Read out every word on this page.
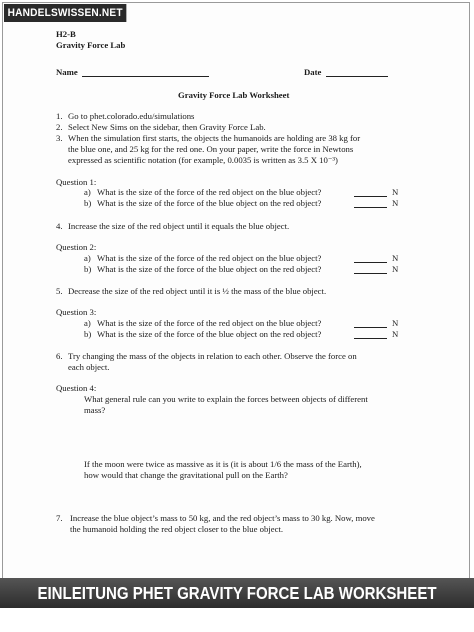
HANDELSWISSEN.NET
H2-B
Gravity Force Lab
Name	Date
Gravity Force Lab Worksheet
1. Go to phet.colorado.edu/simulations
2. Select New Sims on the sidebar, then Gravity Force Lab.
3. When the simulation first starts, the objects the humanoids are holding are 38 kg for
the blue one, and 25 kg for the red one. On your paper, write the force in Newtons
expressed as scientific notation (for example, 0.0035 is written as 3.5 X 10⁻³)
Question 1:
a) What is the size of the force of the red object on the blue object?	N
b) What is the size of the force of the blue object on the red object?	N
4. Increase the size of the red object until it equals the blue object.
Question 2:
a) What is the size of the force of the red object on the blue object?	N
b) What is the size of the force of the blue object on the red object?	N
5. Decrease the size of the red object until it is ½ the mass of the blue object.
Question 3:
a) What is the size of the force of the red object on the blue object?	N
b) What is the size of the force of the blue object on the red object?	N
6. Try changing the mass of the objects in relation to each other. Observe the force on
each object.
Question 4:
What general rule can you write to explain the forces between objects of different
mass?
If the moon were twice as massive as it is (it is about 1/6 the mass of the Earth),
how would that change the gravitational pull on the Earth?
7. Increase the blue object’s mass to 50 kg, and the red object’s mass to 30 kg. Now, move
the humanoid holding the red object closer to the blue object.
EINLEITUNG PHET GRAVITY FORCE LAB WORKSHEET ANSWER KEY
